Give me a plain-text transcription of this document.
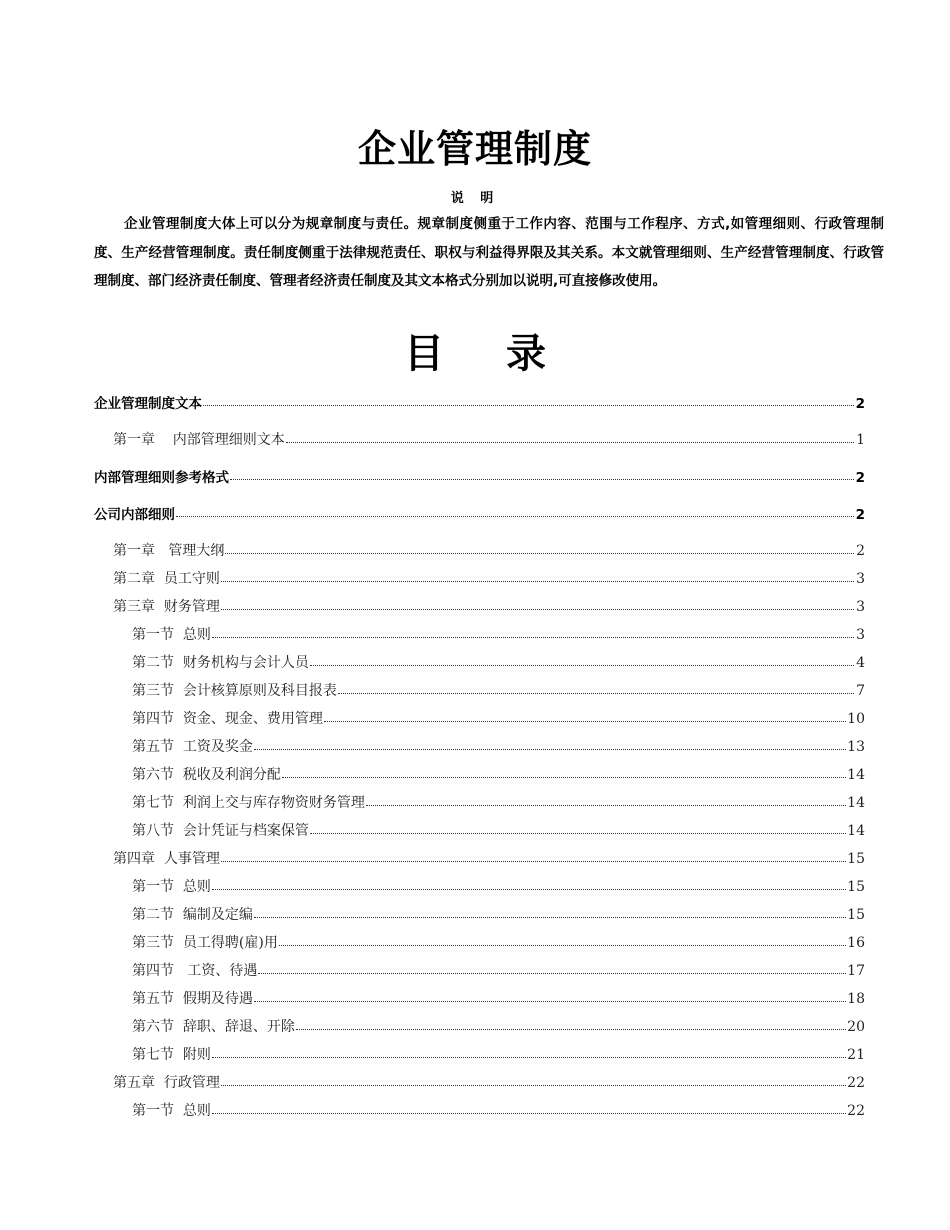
企业管理制度
说 明

企业管理制度大体上可以分为规章制度与责任。规章制度侧重于工作内容、范围与工作程序、方式,如管理细则、行政管理制度、生产经营管理制度。责任制度侧重于法律规范责任、职权与利益得界限及其关系。本文就管理细则、生产经营管理制度、行政管理制度、部门经济责任制度、管理者经济责任制度及其文本格式分别加以说明,可直接修改使用。

目 录
企业管理制度文本	2
第一章    内部管理细则文本	1
内部管理细则参考格式	2
公司内部细则	2
第一章   管理大纲	2
第二章  员工守则	3
第三章  财务管理	3
第一节  总则	3
第二节  财务机构与会计人员	4
第三节  会计核算原则及科目报表	7
第四节  资金、现金、费用管理	10
第五节  工资及奖金	13
第六节  税收及利润分配	14
第七节  利润上交与库存物资财务管理	14
第八节  会计凭证与档案保管	14
第四章  人事管理	15
第一节  总则	15
第二节  编制及定编	15
第三节  员工得聘(雇)用	16
第四节   工资、待遇	17
第五节  假期及待遇	18
第六节  辞职、辞退、开除	20
第七节  附则	21
第五章  行政管理	22
第一节  总则	22
